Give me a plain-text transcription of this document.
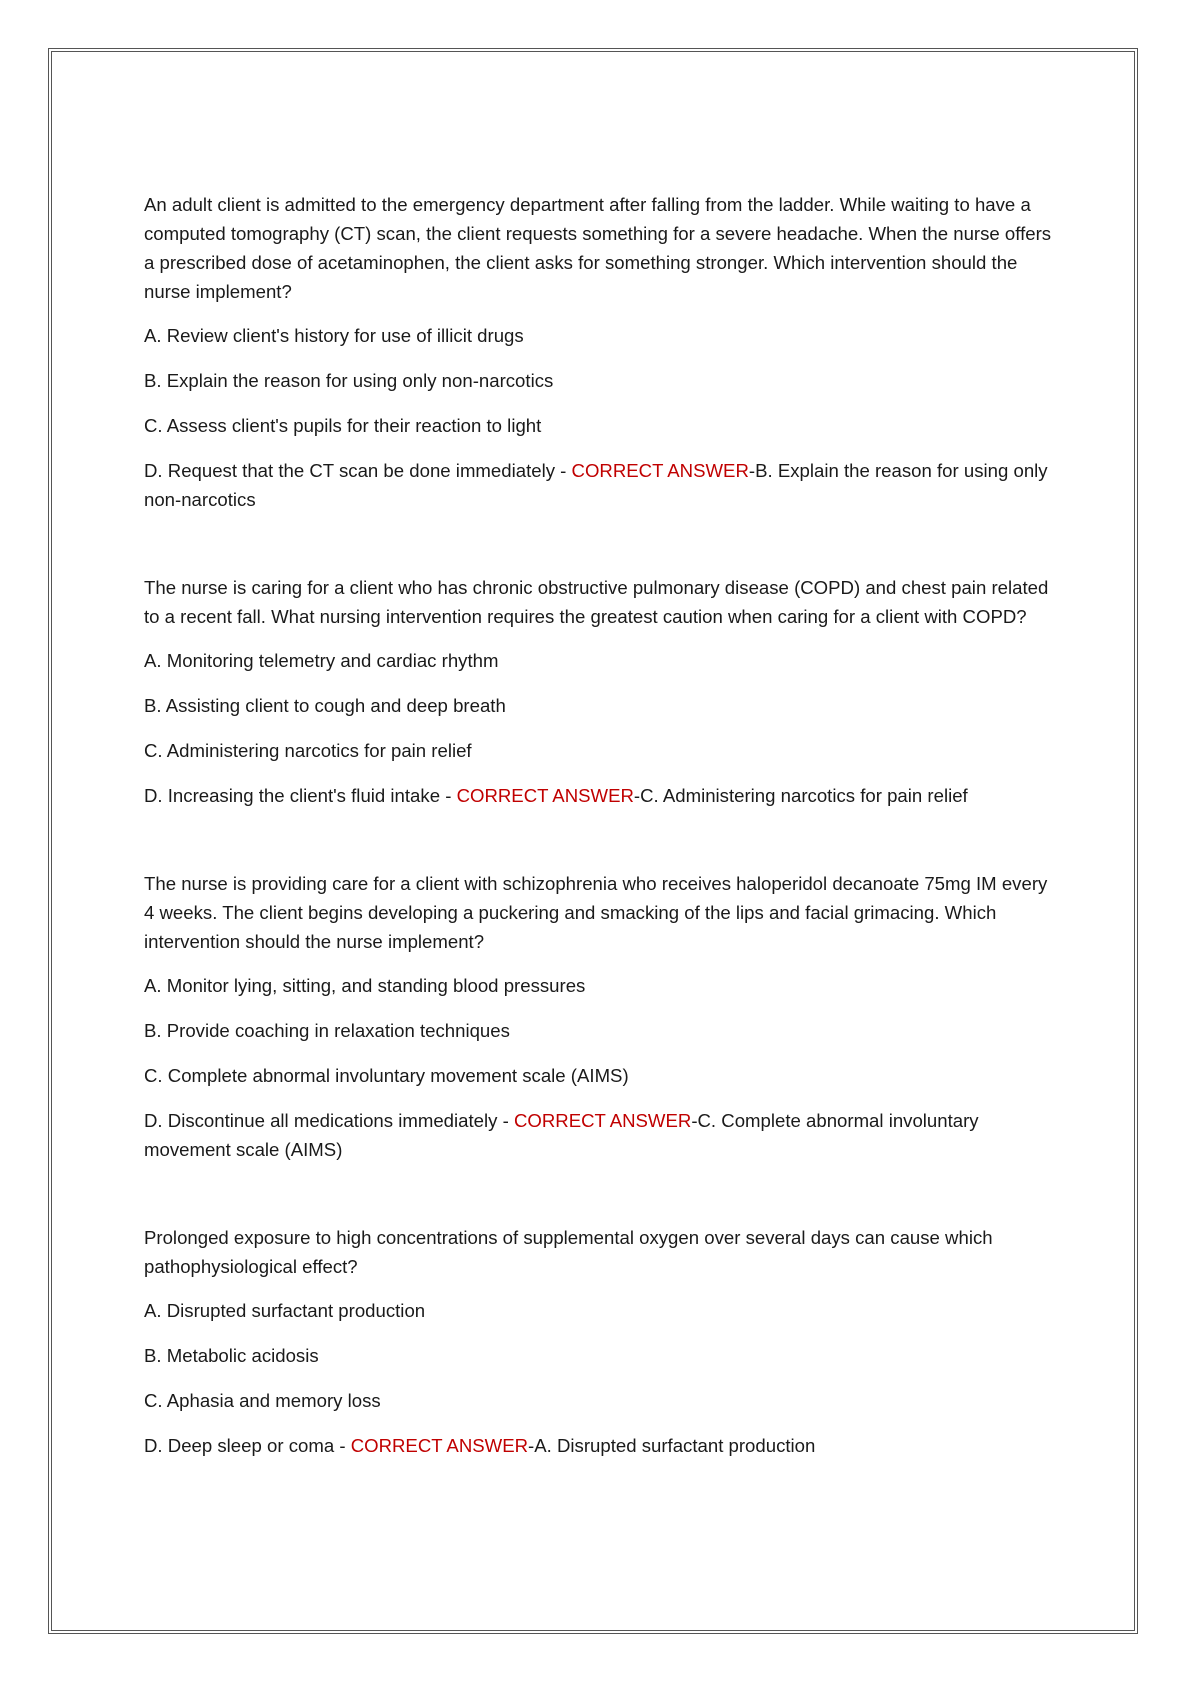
An adult client is admitted to the emergency department after falling from the ladder. While waiting to have a computed tomography (CT) scan, the client requests something for a severe headache. When the nurse offers a prescribed dose of acetaminophen, the client asks for something stronger. Which intervention should the nurse implement?

A. Review client's history for use of illicit drugs

B. Explain the reason for using only non-narcotics

C. Assess client's pupils for their reaction to light

D. Request that the CT scan be done immediately - CORRECT ANSWER-B. Explain the reason for using only non-narcotics

The nurse is caring for a client who has chronic obstructive pulmonary disease (COPD) and chest pain related to a recent fall. What nursing intervention requires the greatest caution when caring for a client with COPD?

A. Monitoring telemetry and cardiac rhythm

B. Assisting client to cough and deep breath

C. Administering narcotics for pain relief

D. Increasing the client's fluid intake - CORRECT ANSWER-C. Administering narcotics for pain relief

The nurse is providing care for a client with schizophrenia who receives haloperidol decanoate 75mg IM every 4 weeks. The client begins developing a puckering and smacking of the lips and facial grimacing. Which intervention should the nurse implement?

A. Monitor lying, sitting, and standing blood pressures

B. Provide coaching in relaxation techniques

C. Complete abnormal involuntary movement scale (AIMS)

D. Discontinue all medications immediately - CORRECT ANSWER-C. Complete abnormal involuntary movement scale (AIMS)

Prolonged exposure to high concentrations of supplemental oxygen over several days can cause which pathophysiological effect?

A. Disrupted surfactant production

B. Metabolic acidosis

C. Aphasia and memory loss

D. Deep sleep or coma - CORRECT ANSWER-A. Disrupted surfactant production
